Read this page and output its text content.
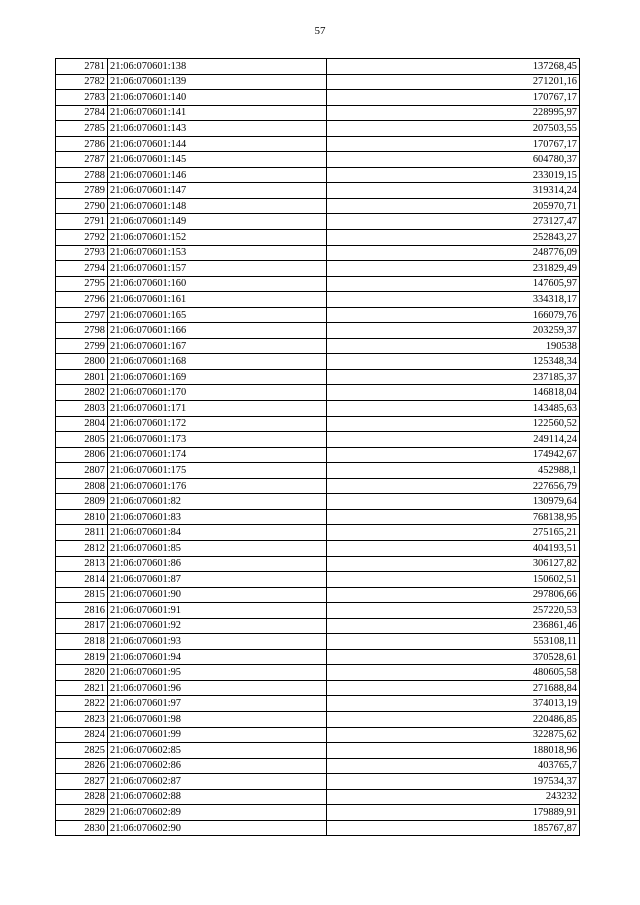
57
2781	21:06:070601:138	137268,45
2782	21:06:070601:139	271201,16
2783	21:06:070601:140	170767,17
2784	21:06:070601:141	228995,97
2785	21:06:070601:143	207503,55
2786	21:06:070601:144	170767,17
2787	21:06:070601:145	604780,37
2788	21:06:070601:146	233019,15
2789	21:06:070601:147	319314,24
2790	21:06:070601:148	205970,71
2791	21:06:070601:149	273127,47
2792	21:06:070601:152	252843,27
2793	21:06:070601:153	248776,09
2794	21:06:070601:157	231829,49
2795	21:06:070601:160	147605,97
2796	21:06:070601:161	334318,17
2797	21:06:070601:165	166079,76
2798	21:06:070601:166	203259,37
2799	21:06:070601:167	190538
2800	21:06:070601:168	125348,34
2801	21:06:070601:169	237185,37
2802	21:06:070601:170	146818,04
2803	21:06:070601:171	143485,63
2804	21:06:070601:172	122560,52
2805	21:06:070601:173	249114,24
2806	21:06:070601:174	174942,67
2807	21:06:070601:175	452988,1
2808	21:06:070601:176	227656,79
2809	21:06:070601:82	130979,64
2810	21:06:070601:83	768138,95
2811	21:06:070601:84	275165,21
2812	21:06:070601:85	404193,51
2813	21:06:070601:86	306127,82
2814	21:06:070601:87	150602,51
2815	21:06:070601:90	297806,66
2816	21:06:070601:91	257220,53
2817	21:06:070601:92	236861,46
2818	21:06:070601:93	553108,11
2819	21:06:070601:94	370528,61
2820	21:06:070601:95	480605,58
2821	21:06:070601:96	271688,84
2822	21:06:070601:97	374013,19
2823	21:06:070601:98	220486,85
2824	21:06:070601:99	322875,62
2825	21:06:070602:85	188018,96
2826	21:06:070602:86	403765,7
2827	21:06:070602:87	197534,37
2828	21:06:070602:88	243232
2829	21:06:070602:89	179889,91
2830	21:06:070602:90	185767,87
